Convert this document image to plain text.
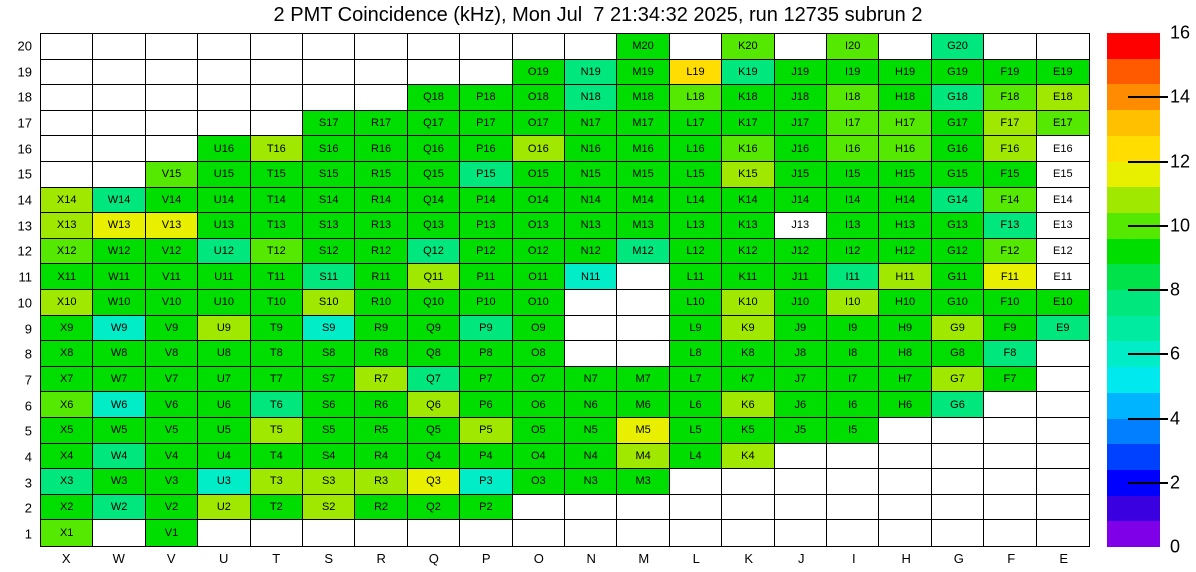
2 PMT Coincidence (kHz), Mon Jul  7 21:34:32 2025, run 12735 subrun 2
M20	K20	I20	G20
O19	N19	M19	L19	K19	J19	I19	H19	G19	F19	E19
Q18	P18	O18	N18	M18	L18	K18	J18	I18	H18	G18	F18	E18
S17	R17	Q17	P17	O17	N17	M17	L17	K17	J17	I17	H17	G17	F17	E17
U16	T16	S16	R16	Q16	P16	O16	N16	M16	L16	K16	J16	I16	H16	G16	F16	E16
V15	U15	T15	S15	R15	Q15	P15	O15	N15	M15	L15	K15	J15	I15	H15	G15	F15	E15
X14	W14	V14	U14	T14	S14	R14	Q14	P14	O14	N14	M14	L14	K14	J14	I14	H14	G14	F14	E14
X13	W13	V13	U13	T13	S13	R13	Q13	P13	O13	N13	M13	L13	K13	J13	I13	H13	G13	F13	E13
X12	W12	V12	U12	T12	S12	R12	Q12	P12	O12	N12	M12	L12	K12	J12	I12	H12	G12	F12	E12
X11	W11	V11	U11	T11	S11	R11	Q11	P11	O11	N11	L11	K11	J11	I11	H11	G11	F11	E11
X10	W10	V10	U10	T10	S10	R10	Q10	P10	O10	L10	K10	J10	I10	H10	G10	F10	E10
X9	W9	V9	U9	T9	S9	R9	Q9	P9	O9	L9	K9	J9	I9	H9	G9	F9	E9
X8	W8	V8	U8	T8	S8	R8	Q8	P8	O8	L8	K8	J8	I8	H8	G8	F8
X7	W7	V7	U7	T7	S7	R7	Q7	P7	O7	N7	M7	L7	K7	J7	I7	H7	G7	F7
X6	W6	V6	U6	T6	S6	R6	Q6	P6	O6	N6	M6	L6	K6	J6	I6	H6	G6
X5	W5	V5	U5	T5	S5	R5	Q5	P5	O5	N5	M5	L5	K5	J5	I5
X4	W4	V4	U4	T4	S4	R4	Q4	P4	O4	N4	M4	L4	K4
X3	W3	V3	U3	T3	S3	R3	Q3	P3	O3	N3	M3
X2	W2	V2	U2	T2	S2	R2	Q2	P2
X1	V1
20
19
18
17
16
15
14
13
12
11
10
9
8
7
6
5
4
3
2
1
X	W	V	U	T	S	R	Q	P	O	N	M	L	K	J	I	H	G	F	E
0
2
4
6
8
10
12
14
16
